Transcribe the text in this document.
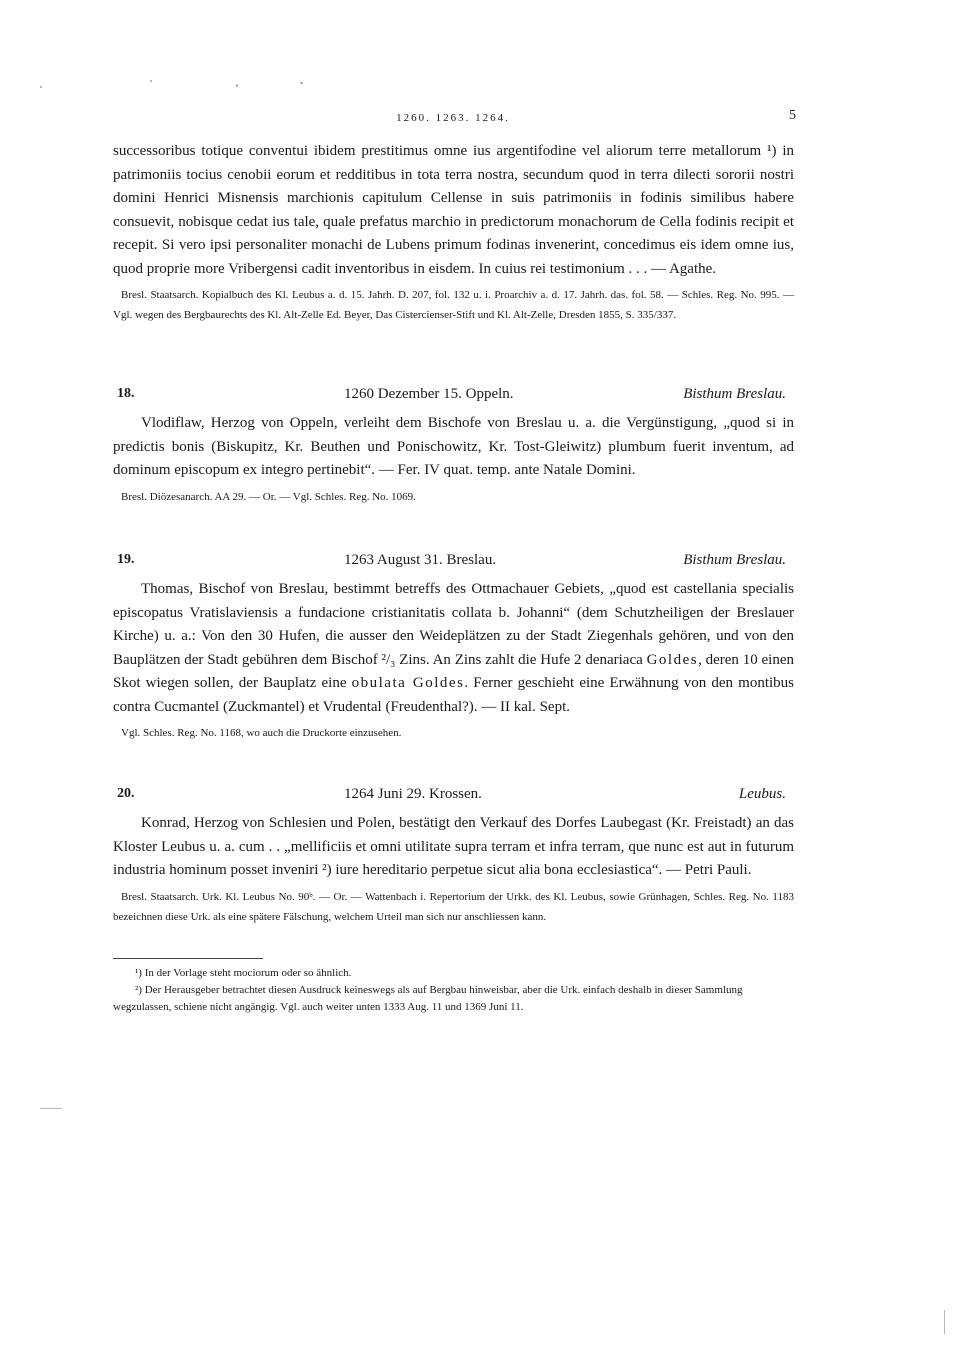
1260. 1263. 1264.	5

successoribus totique conventui ibidem prestitimus omne ius argentifodine vel aliorum terre metallorum ¹) in patrimoniis tocius cenobii eorum et redditibus in tota terra nostra, secundum quod in terra dilecti sororii nostri domini Henrici Misnensis marchionis capitulum Cellense in suis patrimoniis in fodinis similibus habere consuevit, nobisque cedat ius tale, quale prefatus marchio in predictorum monachorum de Cella fodinis recipit et recepit. Si vero ipsi personaliter monachi de Lubens primum fodinas invenerint, concedimus eis idem omne ius, quod proprie more Vribergensi cadit inventoribus in eisdem. In cuius rei testimonium . . . — Agathe.

Bresl. Staatsarch. Kopialbuch des Kl. Leubus a. d. 15. Jahrh. D. 207, fol. 132 u. i. Proarchiv a. d. 17. Jahrh. das. fol. 58. — Schles. Reg. No. 995. — Vgl. wegen des Bergbaurechts des Kl. Alt-Zelle Ed. Beyer, Das Cistercienser-Stift und Kl. Alt-Zelle, Dresden 1855, S. 335/337.

18.	1260 Dezember 15. Oppeln.	Bisthum Breslau.

Vlodiflaw, Herzog von Oppeln, verleiht dem Bischofe von Breslau u. a. die Vergünstigung, „quod si in predictis bonis (Biskupitz, Kr. Beuthen und Ponischowitz, Kr. Tost-Gleiwitz) plumbum fuerit inventum, ad dominum episcopum ex integro pertinebit“. — Fer. IV quat. temp. ante Natale Domini.

Bresl. Diözesanarch. AA 29. — Or. — Vgl. Schles. Reg. No. 1069.

19.	1263 August 31. Breslau.	Bisthum Breslau.

Thomas, Bischof von Breslau, bestimmt betreffs des Ottmachauer Gebiets, „quod est castellania specialis episcopatus Vratislaviensis a fundacione cristianitatis collata b. Johanni“ (dem Schutzheiligen der Breslauer Kirche) u. a.: Von den 30 Hufen, die ausser den Weideplätzen zu der Stadt Ziegenhals gehören, und von den Bauplätzen der Stadt gebühren dem Bischof ²/₃ Zins. An Zins zahlt die Hufe 2 denariaca Goldes, deren 10 einen Skot wiegen sollen, der Bauplatz eine obulata Goldes. Ferner geschieht eine Erwähnung von den montibus contra Cucmantel (Zuckmantel) et Vrudental (Freudenthal?). — II kal. Sept.

Vgl. Schles. Reg. No. 1168, wo auch die Druckorte einzusehen.

20.	1264 Juni 29. Krossen.	Leubus.

Konrad, Herzog von Schlesien und Polen, bestätigt den Verkauf des Dorfes Laubegast (Kr. Freistadt) an das Kloster Leubus u. a. cum . . „mellificiis et omni utilitate supra terram et infra terram, que nunc est aut in futurum industria hominum posset inveniri ²) iure hereditario perpetue sicut alia bona ecclesiastica“. — Petri Pauli.

Bresl. Staatsarch. Urk. Kl. Leubus No. 90ᵇ. — Or. — Wattenbach i. Repertorium der Urkk. des Kl. Leubus, sowie Grünhagen, Schles. Reg. No. 1183 bezeichnen diese Urk. als eine spätere Fälschung, welchem Urteil man sich nur anschliessen kann.

¹) In der Vorlage steht mociorum oder so ähnlich.

²) Der Herausgeber betrachtet diesen Ausdruck keineswegs als auf Bergbau hinweisbar, aber die Urk. einfach deshalb in dieser Sammlung wegzulassen, schiene nicht angängig. Vgl. auch weiter unten 1333 Aug. 11 und 1369 Juni 11.
